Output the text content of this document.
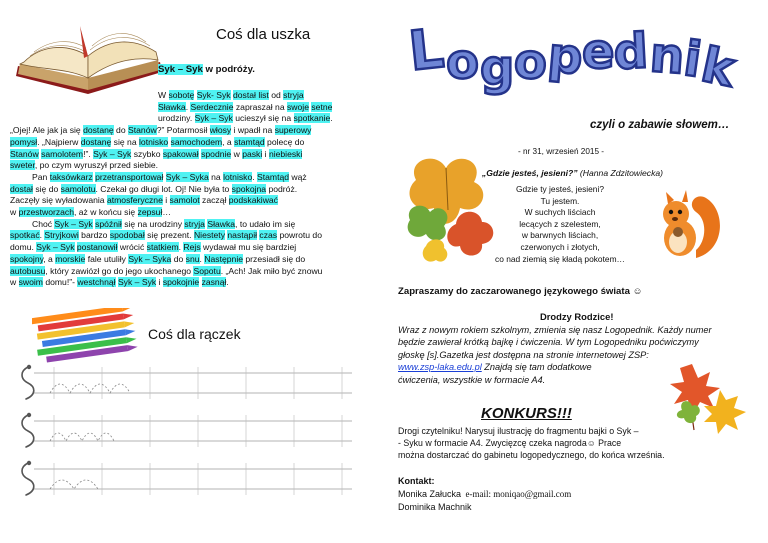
Coś dla uszka
Syk – Syk w podróży.

W sobotę Syk- Syk dostał list od stryja

Sławka. Serdecznie zapraszał na swoje setne

urodziny. Syk – Syk ucieszył się na spotkanie.

„Ojej! Ale jak ja się dostanę do Stanów?” Potarmosił włosy i wpadł na superowy

pomysł. „Najpierw dostanę się na lotnisko samochodem, a stamtąd polecę do

Stanów samolotem!”. Syk – Syk szybko spakował spodnie w paski i niebieski

sweter, po czym wyruszył przed siebie.

Pan taksówkarz przetransportował Syk – Syka na lotnisko. Stamtąd wąż

dostał się do samolotu. Czekał go długi lot. Oj! Nie była to spokojna podróż.

Zaczęły się wyładowania atmosferyczne i samolot zaczął podskakiwać

w przestworzach, aż w końcu się zepsuł…

Choć Syk – Syk spóźnił się na urodziny stryja Sławka, to udało im się

spotkać. Stryjkowi bardzo spodobał się prezent. Niestety nastąpił czas powrotu do

domu. Syk – Syk postanowił wrócić statkiem. Rejs wydawał mu się bardziej

spokojny, a morskie fale utuliły Syk – Syka do snu. Następnie przesiadł się do

autobusu, który zawiózł go do jego ukochanego Sopotu. „Ach! Jak miło być znowu

w swoim domu!”- westchnął Syk – Syk i spokojnie zasnął.

Coś dla rączek
L
o g o
p
e
d n
i
k
czyli o zabawie słowem…
- nr 31, wrzesień 2015 -
„Gdzie jesteś, jesieni?” (Hanna Zdzitowiecka)
Gdzie ty jesteś, jesieni?
Tu jestem.
W suchych liściach
lecących z szelestem,
w barwnych liściach,
czerwonych i złotych,
co nad ziemią się kładą pokotem…
Zapraszamy do zaczarowanego językowego świata ☺
Drodzy Rodzice!
Wraz z nowym rokiem szkolnym, zmienia się nasz Logopednik. Każdy numer
będzie zawierał krótką bajkę i ćwiczenia. W tym Logopedniku poćwiczymy
głoskę [s].Gazetka jest dostępna na stronie internetowej ZSP:
www.zsp-laka.edu.pl Znajdą się tam dodatkowe
ćwiczenia, wszystkie w formacie A4.
KONKURS!!!
Drogi czytelniku! Narysuj ilustrację do fragmentu bajki o Syk –
- Syku w formacie A4. Zwycięzcę czeka nagroda☺ Prace
można dostarczać do gabinetu logopedycznego, do końca września.
Kontakt:
Monika Załucka  e-mail: moniqao@gmail.com
Dominika Machnik
